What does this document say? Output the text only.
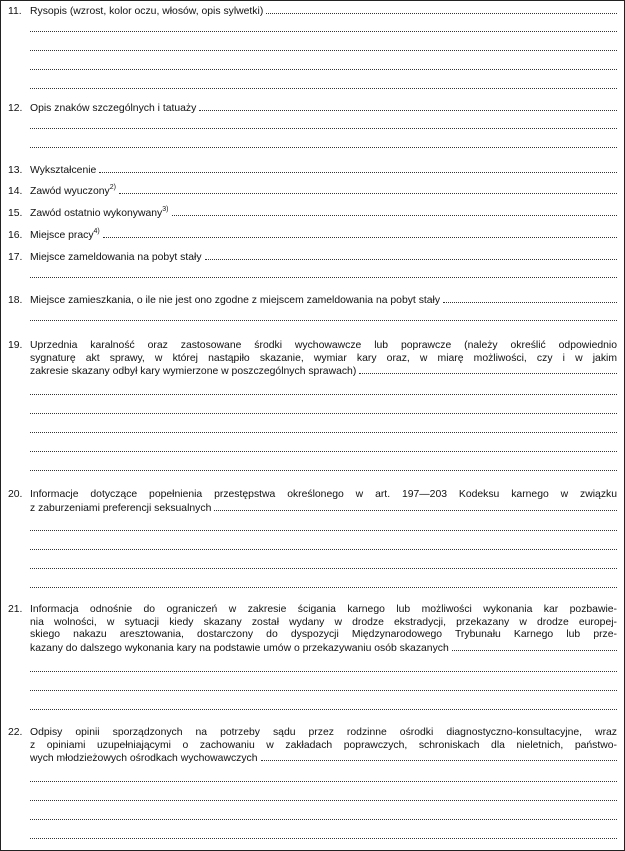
11. Rysopis (wzrost, kolor oczu, włosów, opis sylwetki)
12. Opis znaków szczególnych i tatuaży
13. Wykształcenie
14. Zawód wyuczony$^{2)}$
15. Zawód ostatnio wykonywany$^{3)}$
16. Miejsce pracy$^{4)}$
17. Miejsce zameldowania na pobyt stały
18. Miejsce zamieszkania, o ile nie jest ono zgodne z miejscem zameldowania na pobyt stały
19. Uprzednia karalność oraz zastosowane środki wychowawcze lub poprawcze (należy określić odpowiednio
sygnaturę akt sprawy, w której nastąpiło skazanie, wymiar kary oraz, w miarę możliwości, czy i w jakim
zakresie skazany odbył kary wymierzone w poszczególnych sprawach)
20. Informacje dotyczące popełnienia przestępstwa określonego w art. 197—203 Kodeksu karnego w związku
z zaburzeniami preferencji seksualnych
21. Informacja odnośnie do ograniczeń w zakresie ścigania karnego lub możliwości wykonania kar pozbawie-
nia wolności, w sytuacji kiedy skazany został wydany w drodze ekstradycji, przekazany w drodze europej-
skiego nakazu aresztowania, dostarczony do dyspozycji Międzynarodowego Trybunału Karnego lub prze-
kazany do dalszego wykonania kary na podstawie umów o przekazywaniu osób skazanych
22. Odpisy opinii sporządzonych na potrzeby sądu przez rodzinne ośrodki diagnostyczno-konsultacyjne, wraz
z opiniami uzupełniającymi o zachowaniu w zakładach poprawczych, schroniskach dla nieletnich, państwo-
wych młodzieżowych ośrodkach wychowawczych
